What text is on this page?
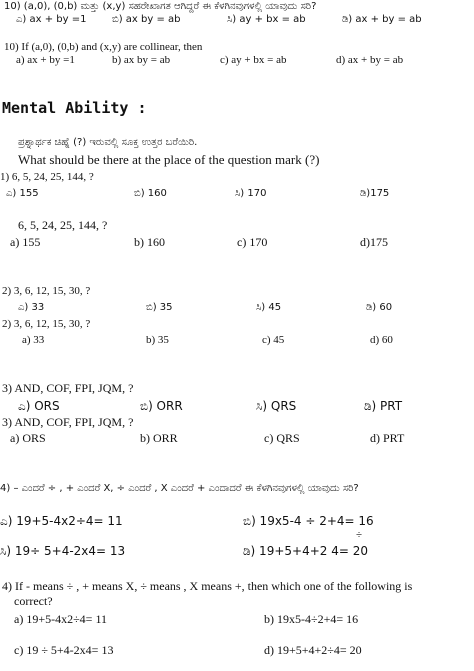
10) (a,0), (0,b) ಮತ್ತು (x,y) ಸಹರೇಖಾಗತ ಆಗಿದ್ದರೆ ಈ ಕೆಳಗಿನವುಗಳಲ್ಲಿ ಯಾವುದು ಸರಿ?
ಎ) ax + by =1	ಬಿ) ax by = ab	ಸಿ) ay + bx = ab	ಡಿ) ax + by = ab
10) If (a,0), (0,b) and (x,y) are collinear, then
a) ax + by =1	b) ax by = ab	c) ay + bx = ab	d) ax + by = ab
Mental Ability :
ಪ್ರಶ್ನಾರ್ಥಕ ಚಿಹ್ನೆ (?) ಇರುವಲ್ಲಿ ಸೂಕ್ತ ಉತ್ತರ ಬರೆಯಿರಿ.
What should be there at the place of the question mark (?)
1) 6, 5, 24, 25, 144, ?
ಎ) 155	ಬಿ) 160	ಸಿ) 170	ಡಿ)175
6, 5, 24, 25, 144, ?
a) 155	b) 160	c) 170	d)175
2) 3, 6, 12, 15, 30, ?
ಎ) 33	ಬಿ) 35	ಸಿ) 45	ಡಿ) 60
2) 3, 6, 12, 15, 30, ?
a) 33	b) 35	c) 45	d) 60
3) AND, COF, FPI, JQM, ?
ಎ) ORS	ಬಿ) ORR	ಸಿ) QRS	ಡಿ) PRT
3) AND, COF, FPI, JQM, ?
a) ORS	b) ORR	c) QRS	d) PRT
4) – ಎಂದರೆ ÷ , + ಎಂದರೆ X, ÷ ಎಂದರೆ , X ಎಂದರೆ + ಎಂದಾದರೆ ಈ ಕೆಳಗಿನವುಗಳಲ್ಲಿ ಯಾವುದು ಸರಿ?
ಎ) 19+5-4x2÷4= 11	ಬಿ) 19x5-4 ÷ 2+4= 16
÷
ಸಿ) 19÷ 5+4-2x4= 13	ಡಿ) 19+5+4+2 4= 20
4) If - means ÷ , + means X, ÷ means , X means +, then which one of the following is
correct?
a) 19+5-4x2÷4= 11	b) 19x5-4÷2+4= 16
c) 19 ÷ 5+4-2x4= 13	d) 19+5+4+2÷4= 20
